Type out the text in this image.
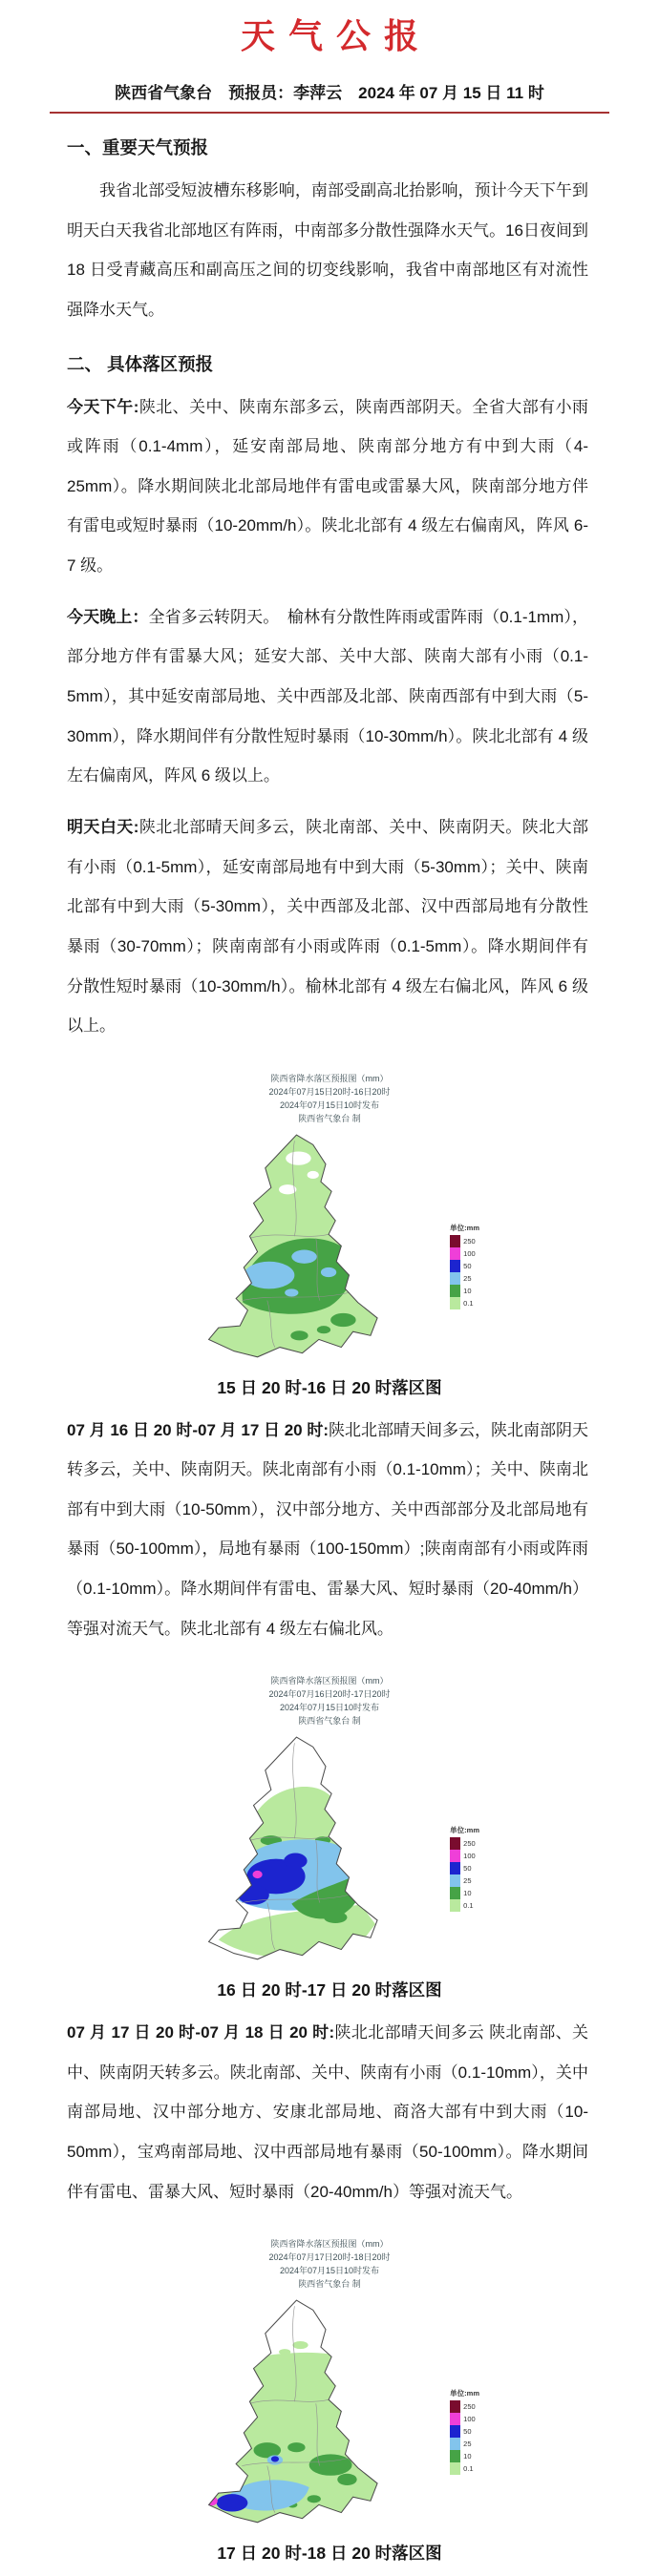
天气公报
陕西省气象台　预报员：李萍云　2024 年 07 月 15 日 11 时
一、重要天气预报

我省北部受短波槽东移影响，南部受副高北抬影响，预计今天下午到明天白天我省北部地区有阵雨，中南部多分散性强降水天气。16日夜间到 18 日受青藏高压和副高压之间的切变线影响，我省中南部地区有对流性强降水天气。

二、 具体落区预报

今天下午:陕北、关中、陕南东部多云，陕南西部阴天。全省大部有小雨或阵雨（0.1-4mm），延安南部局地、陕南部分地方有中到大雨（4-25mm）。降水期间陕北北部局地伴有雷电或雷暴大风，陕南部分地方伴有雷电或短时暴雨（10-20mm/h）。陕北北部有 4 级左右偏南风，阵风 6-7 级。

今天晚上：全省多云转阴天。　榆林有分散性阵雨或雷阵雨（0.1-1mm），部分地方伴有雷暴大风；延安大部、关中大部、陕南大部有小雨（0.1-5mm），其中延安南部局地、关中西部及北部、陕南西部有中到大雨（5-30mm），降水期间伴有分散性短时暴雨（10-30mm/h）。陕北北部有 4 级左右偏南风，阵风 6 级以上。

明天白天:陕北北部晴天间多云，陕北南部、关中、陕南阴天。陕北大部有小雨（0.1-5mm），延安南部局地有中到大雨（5-30mm）；关中、陕南北部有中到大雨（5-30mm），关中西部及北部、汉中西部局地有分散性暴雨（30-70mm）；陕南南部有小雨或阵雨（0.1-5mm）。降水期间伴有分散性短时暴雨（10-30mm/h）。榆林北部有 4 级左右偏北风，阵风 6 级以上。

陕西省降水落区预报图（mm）
2024年07月15日20时-16日20时
2024年07月15日10时发布
陕西省气象台 制
单位:mm
250
100
50
25
10
0.1
15 日 20 时-16 日 20 时落区图

07 月 16 日 20 时-07 月 17 日 20 时:陕北北部晴天间多云，陕北南部阴天转多云，关中、陕南阴天。陕北南部有小雨（0.1-10mm）；关中、陕南北部有中到大雨（10-50mm），汉中部分地方、关中西部部分及北部局地有暴雨（50-100mm），局地有暴雨（100-150mm）;陕南南部有小雨或阵雨（0.1-10mm）。降水期间伴有雷电、雷暴大风、短时暴雨（20-40mm/h）等强对流天气。陕北北部有 4 级左右偏北风。

陕西省降水落区预报图（mm）
2024年07月16日20时-17日20时
2024年07月15日10时发布
陕西省气象台 制
单位:mm
250
100
50
25
10
0.1
16 日 20 时-17 日 20 时落区图

07 月 17 日 20 时-07 月 18 日 20 时:陕北北部晴天间多云 陕北南部、关中、陕南阴天转多云。陕北南部、关中、陕南有小雨（0.1-10mm），关中南部局地、汉中部分地方、安康北部局地、商洛大部有中到大雨（10-50mm），宝鸡南部局地、汉中西部局地有暴雨（50-100mm）。降水期间伴有雷电、雷暴大风、短时暴雨（20-40mm/h）等强对流天气。

陕西省降水落区预报图（mm）
2024年07月17日20时-18日20时
2024年07月15日10时发布
陕西省气象台 制
单位:mm
250
100
50
25
10
0.1
17 日 20 时-18 日 20 时落区图
